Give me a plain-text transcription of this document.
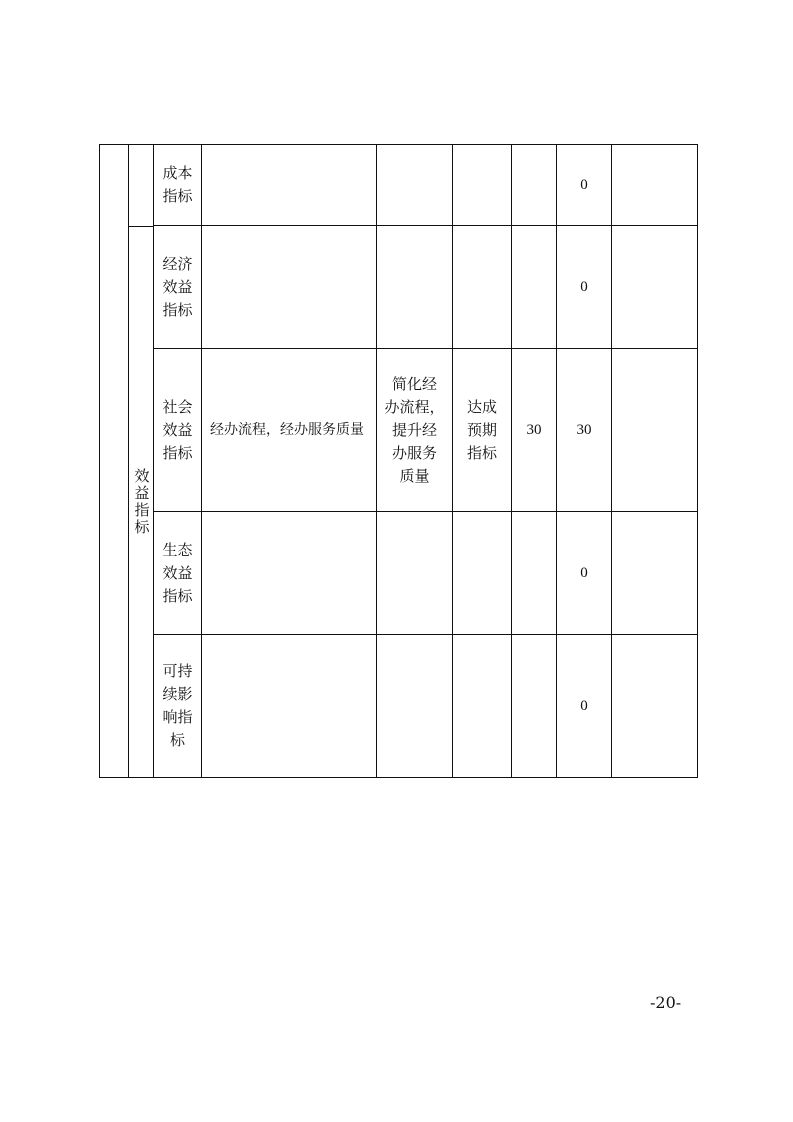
效益指标
成本
指标
0
经济
效益
指标
0
社会
效益
指标
经办流程，经办服务质量
简化经
办流程，
提升经
办服务
质量
达成
预期
指标
30	30
生态
效益
指标
0
可持
续影
响指
标
0
-20-
